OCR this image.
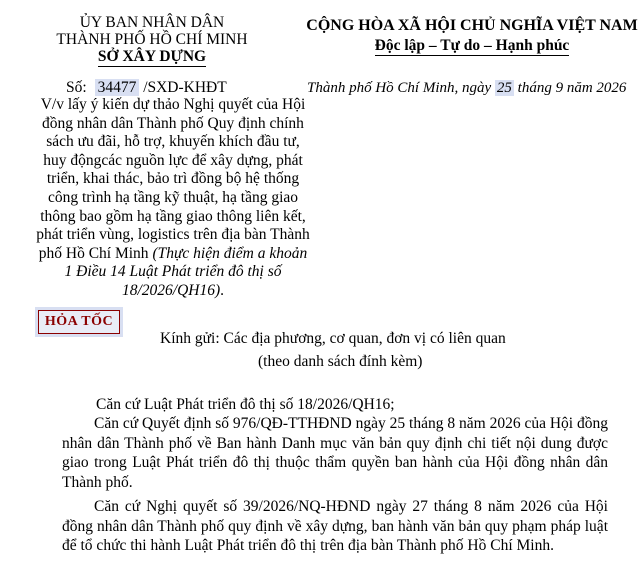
ỦY BAN NHÂN DÂN
THÀNH PHỐ HỒ CHÍ MINH
SỞ XÂY DỰNG
CỘNG HÒA XÃ HỘI CHỦ NGHĨA VIỆT NAM
Độc lập – Tự do – Hạnh phúc
Số: 34477 /SXD-KHĐT	Thành phố Hồ Chí Minh, ngày 25 tháng 9 năm 2026
V/v lấy ý kiến dự thảo Nghị quyết của Hội đồng nhân dân Thành phố Quy định chính sách ưu đãi, hỗ trợ, khuyến khích đầu tư, huy độngcác nguồn lực để xây dựng, phát triển, khai thác, bảo trì đồng bộ hệ thống công trình hạ tầng kỹ thuật, hạ tầng giao thông bao gồm hạ tầng giao thông liên kết, phát triển vùng, logistics trên địa bàn Thành phố Hồ Chí Minh (Thực hiện điểm a khoản 1 Điều 14 Luật Phát triển đô thị số 18/2026/QH16).
HỎA TỐC
Kính gửi: Các địa phương, cơ quan, đơn vị có liên quan
(theo danh sách đính kèm)
Căn cứ Luật Phát triển đô thị số 18/2026/QH16;
Căn cứ Quyết định số 976/QĐ-TTHĐND ngày 25 tháng 8 năm 2026 của Hội đồng nhân dân Thành phố về Ban hành Danh mục văn bản quy định chi tiết nội dung được giao trong Luật Phát triển đô thị thuộc thẩm quyền ban hành của Hội đồng nhân dân Thành phố.
Căn cứ Nghị quyết số 39/2026/NQ-HĐND ngày 27 tháng 8 năm 2026 của Hội đồng nhân dân Thành phố quy định về xây dựng, ban hành văn bản quy phạm pháp luật để tổ chức thi hành Luật Phát triển đô thị trên địa bàn Thành phố Hồ Chí Minh.
